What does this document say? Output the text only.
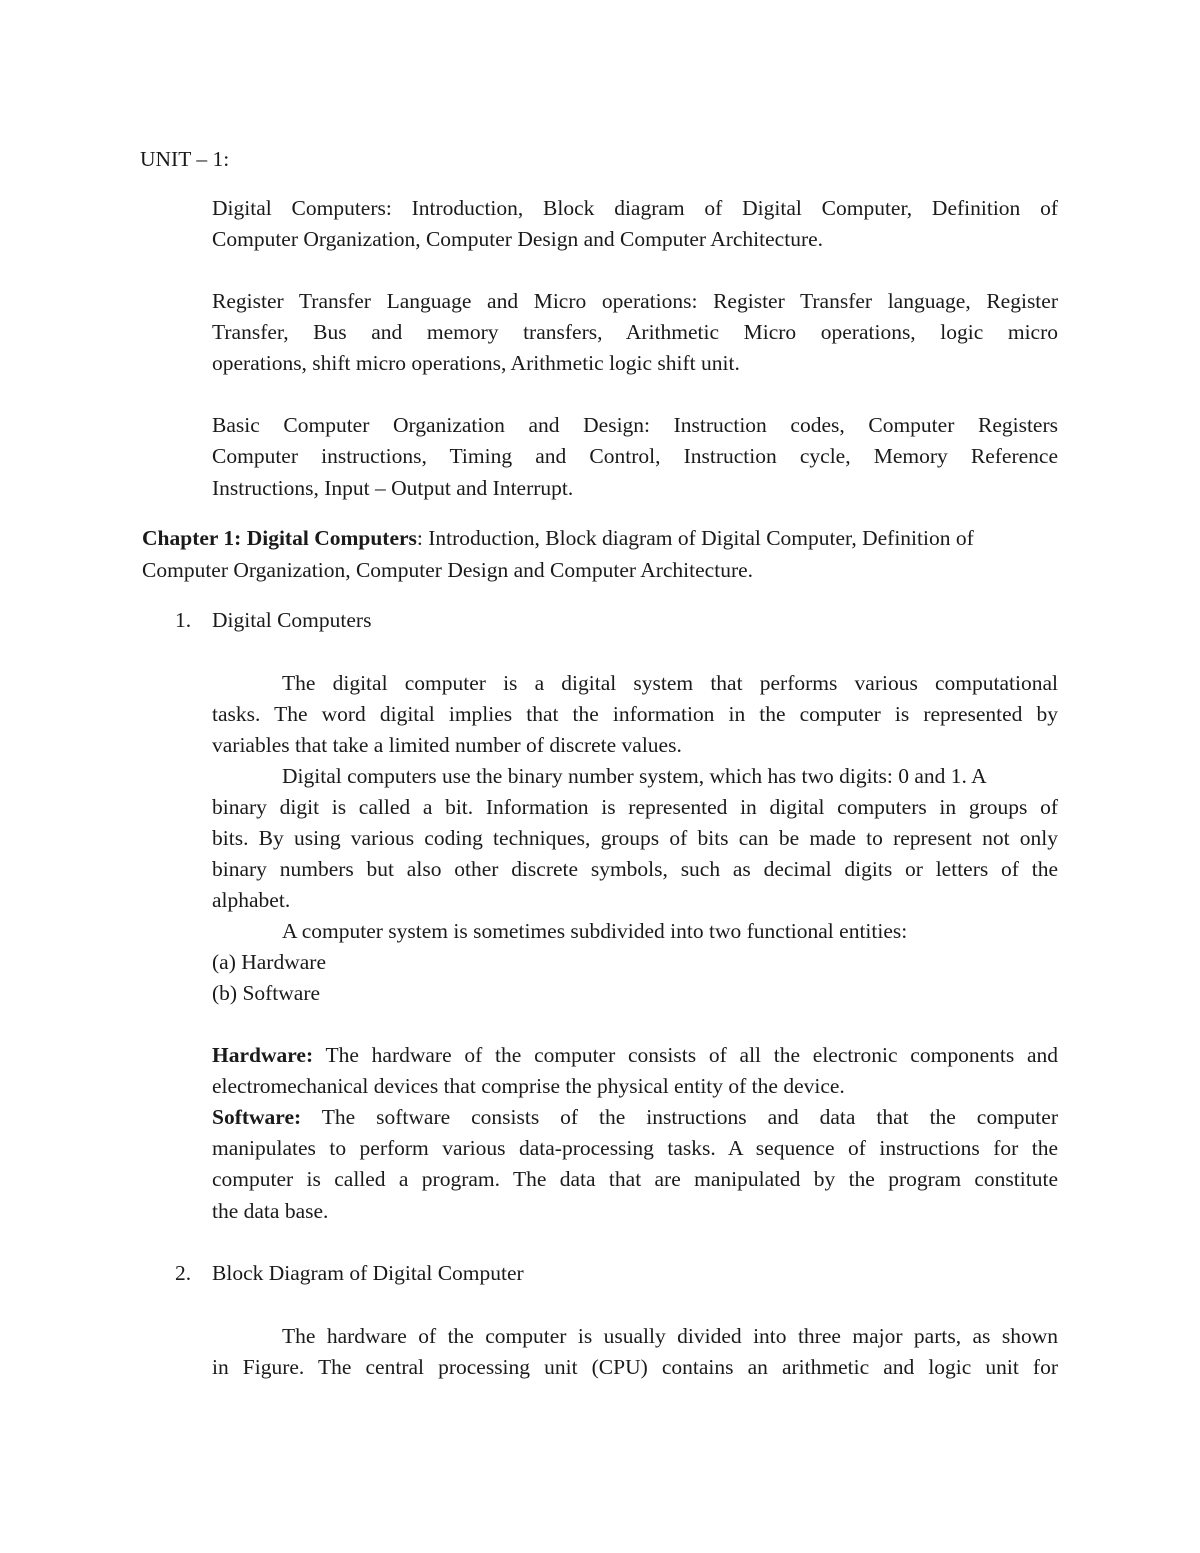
UNIT – 1:
Digital Computers: Introduction, Block diagram of Digital Computer, Definition of
Computer Organization, Computer Design and Computer Architecture.
Register Transfer Language and Micro operations: Register Transfer language, Register
Transfer, Bus and memory transfers, Arithmetic Micro operations, logic micro
operations, shift micro operations, Arithmetic logic shift unit.
Basic Computer Organization and Design: Instruction codes, Computer Registers
Computer instructions, Timing and Control, Instruction cycle, Memory Reference
Instructions, Input – Output and Interrupt.
Chapter 1: Digital Computers: Introduction, Block diagram of Digital Computer, Definition of
Computer Organization, Computer Design and Computer Architecture.
1. Digital Computers
The digital computer is a digital system that performs various computational
tasks. The word digital implies that the information in the computer is represented by
variables that take a limited number of discrete values.
Digital computers use the binary number system, which has two digits: 0 and 1. A
binary digit is called a bit. Information is represented in digital computers in groups of
bits. By using various coding techniques, groups of bits can be made to represent not only
binary numbers but also other discrete symbols, such as decimal digits or letters of the
alphabet.
A computer system is sometimes subdivided into two functional entities:
(a) Hardware
(b) Software
Hardware: The hardware of the computer consists of all the electronic components and
electromechanical devices that comprise the physical entity of the device.
Software: The software consists of the instructions and data that the computer
manipulates to perform various data-processing tasks. A sequence of instructions for the
computer is called a program. The data that are manipulated by the program constitute
the data base.
2. Block Diagram of Digital Computer
The hardware of the computer is usually divided into three major parts, as shown
in Figure. The central processing unit (CPU) contains an arithmetic and logic unit for
